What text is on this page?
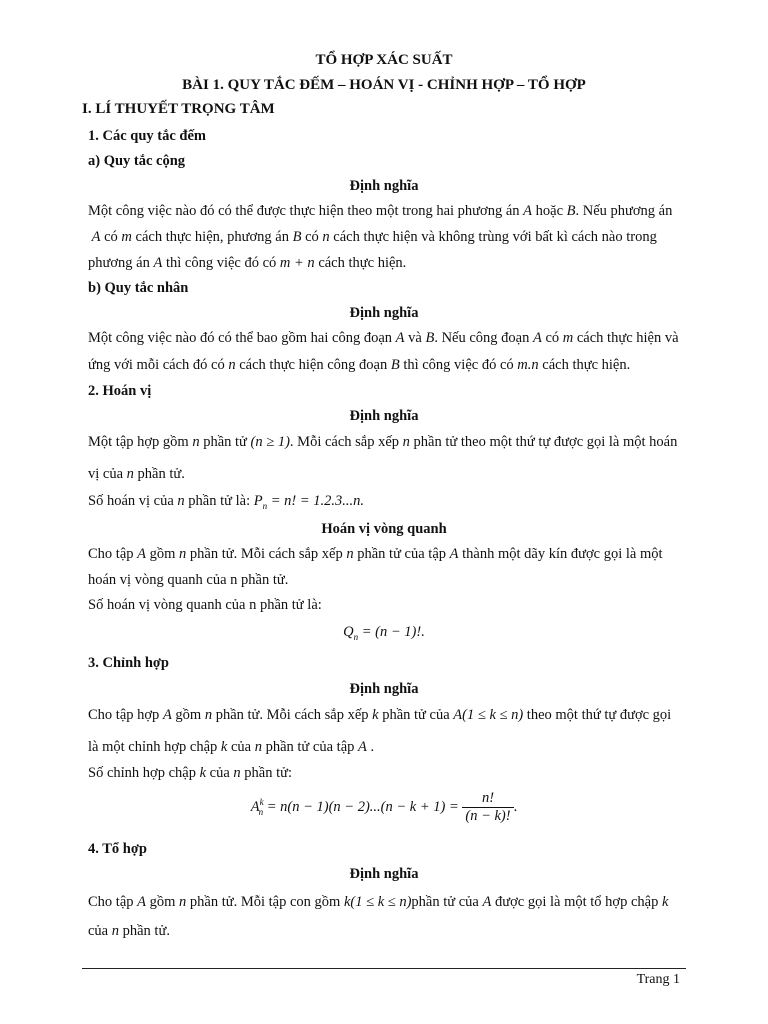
TỔ HỢP XÁC SUẤT
BÀI 1. QUY TẮC ĐẾM – HOÁN VỊ - CHỈNH HỢP – TỔ HỢP
I. LÍ THUYẾT TRỌNG TÂM
1. Các quy tắc đếm
a) Quy tắc cộng
Định nghĩa
Một công việc nào đó có thể được thực hiện theo một trong hai phương án A hoặc B. Nếu phương án
A có m cách thực hiện, phương án B có n cách thực hiện và không trùng với bất kì cách nào trong
phương án A thì công việc đó có m + n cách thực hiện.
b) Quy tắc nhân
Định nghĩa
Một công việc nào đó có thể bao gồm hai công đoạn A và B. Nếu công đoạn A có m cách thực hiện và
ứng với mỗi cách đó có n cách thực hiện công đoạn B thì công việc đó có m.n cách thực hiện.
2. Hoán vị
Định nghĩa
Một tập hợp gồm n phần tử (n ≥ 1). Mỗi cách sắp xếp n phần tử theo một thứ tự được gọi là một hoán
vị của n phần tử.
Số hoán vị của n phần tử là: $P_n = n$! = 1.2.3...n.
Hoán vị vòng quanh
Cho tập A gồm n phần tử. Mỗi cách sắp xếp n phần tử của tập A thành một dãy kín được gọi là một
hoán vị vòng quanh của n phần tử.
Số hoán vị vòng quanh của n phần tử là:
$Q_n = (n - 1)$!.
3. Chỉnh hợp
Định nghĩa
Cho tập hợp A gồm n phần tử. Mỗi cách sắp xếp k phần tử của A(1 ≤ k ≤ n) theo một thứ tự được gọi
là một chỉnh hợp chập k của n phần tử của tập A .
Số chỉnh hợp chập k của n phần tử:
$A^k_n = n(n - 1)(n - 2)...(n - k + 1) = \frac{n!}{(n - k)!}$ .
4. Tổ hợp
Định nghĩa
Cho tập A gồm n phần tử. Mỗi tập con gồm k(1 ≤ k ≤ n)phần tử của A được gọi là một tổ hợp chập k
của n phần tử.
Trang 1
